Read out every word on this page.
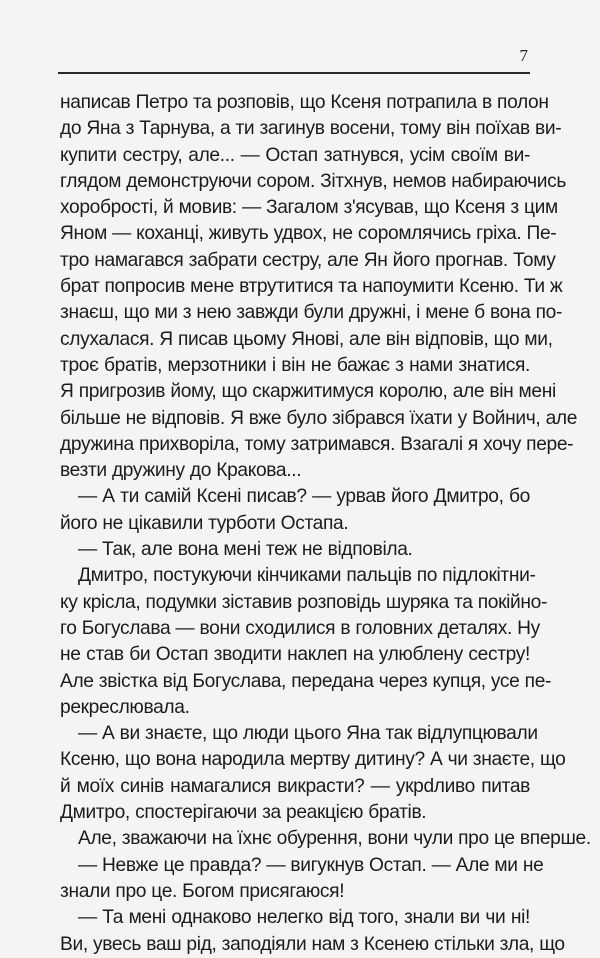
7
написав Петро та розповів, що Ксеня потрапила в полон
до Яна з Тарнува, а ти загинув восени, тому він поїхав ви-
купити сестру, але... — Остап затнувся, усім своїм ви-
глядом демонструючи сором. Зітхнув, немов набираючись
хоробрості, й мовив: — Загалом з'ясував, що Ксеня з цим
Яном — коханці, живуть удвох, не соромлячись гріха. Пе-
тро намагався забрати сестру, але Ян його прогнав. Тому
брат попросив мене втрутитися та напоумити Ксеню. Ти ж
знаєш, що ми з нею завжди були дружні, і мене б вона по-
слухалася. Я писав цьому Янові, але він відповів, що ми,
троє братів, мерзотники і він не бажає з нами знатися.
Я пригрозив йому, що скаржитимуся королю, але він мені
більше не відповів. Я вже було зібрався їхати у Войнич, але
дружина прихворіла, тому затримався. Взагалі я хочу пере-
везти дружину до Кракова...
— А ти самій Ксені писав? — урвав його Дмитро, бо
його не цікавили турботи Остапа.
— Так, але вона мені теж не відповіла.
Дмитро, постукуючи кінчиками пальців по підлокітни-
ку крісла, подумки зіставив розповідь шуряка та покійно-
го Богуслава — вони сходилися в головних деталях. Ну
не став би Остап зводити наклеп на улюблену сестру!
Але звістка від Богуслава, передана через купця, усе пе-
рекреслювала.
— А ви знаєте, що люди цього Яна так відлупцювали
Ксеню, що вона народила мертву дитину? А чи знаєте, що
й моїх синів намагалися викрасти? — укрdливо питав
Дмитро, спостерігаючи за реакцією братів.
Але, зважаючи на їхнє обурення, вони чули про це вперше.
— Невже це правда? — вигукнув Остап. — Але ми не
знали про це. Богом присягаюся!
— Та мені однаково нелегко від того, знали ви чи ні!
Ви, увесь ваш рід, заподіяли нам з Ксенею стільки зла, що
